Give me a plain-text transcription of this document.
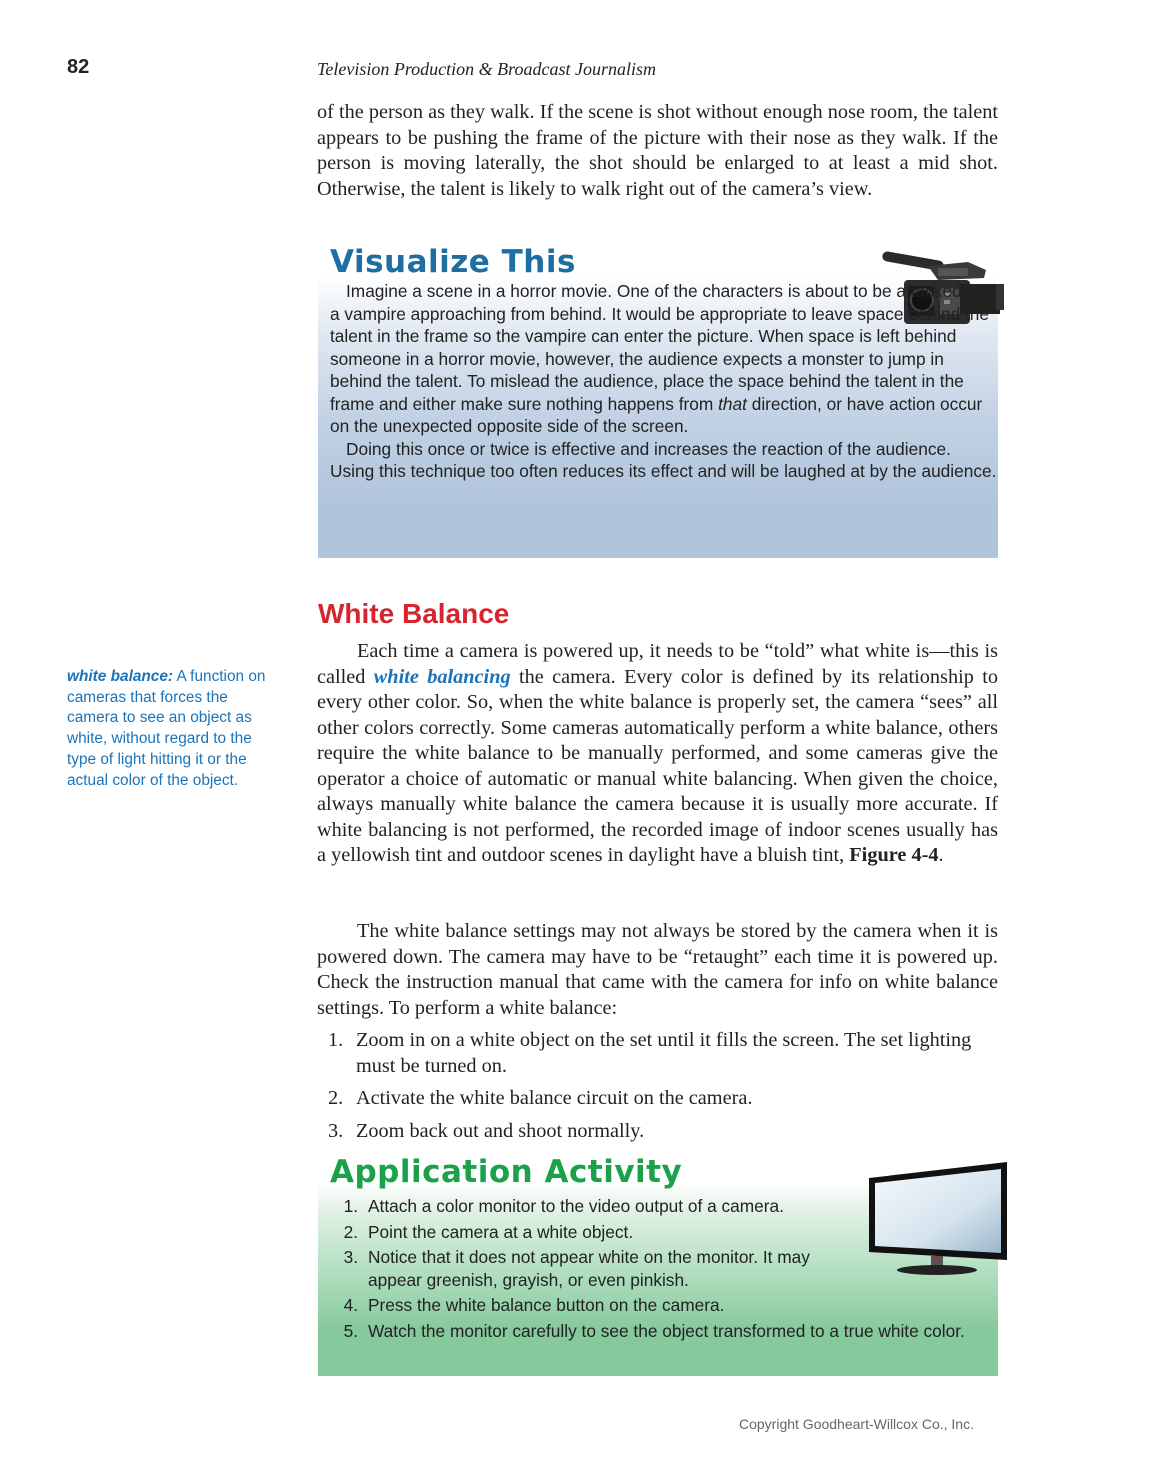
82	Television Production & Broadcast Journalism
of the person as they walk. If the scene is shot without enough nose room, the talent appears to be pushing the frame of the picture with their nose as they walk. If the person is moving laterally, the shot should be enlarged to at least a mid shot. Otherwise, the talent is likely to walk right out of the camera’s view.
Visualize This
Imagine a scene in a horror movie. One of the characters is about to be attacked by a vampire approaching from behind. It would be appropriate to leave space behind the talent in the frame so the vampire can enter the picture. When space is left behind someone in a horror movie, however, the audience expects a monster to jump in behind the talent. To mislead the audience, place the space behind the talent in the frame and either make sure nothing happens from that direction, or have action occur on the unexpected opposite side of the screen.
Doing this once or twice is effective and increases the reaction of the audience. Using this technique too often reduces its effect and will be laughed at by the audience.
White Balance
white balance: A function on cameras that forces the camera to see an object as white, without regard to the type of light hitting it or the actual color of the object.

Each time a camera is powered up, it needs to be “told” what white is—this is called white balancing the camera. Every color is defined by its relationship to every other color. So, when the white balance is properly set, the camera “sees” all other colors correctly. Some cameras automatically perform a white balance, others require the white balance to be manually performed, and some cameras give the operator a choice of automatic or manual white balancing. When given the choice, always manually white balance the camera because it is usually more accurate. If white balancing is not performed, the recorded image of indoor scenes usually has a yellowish tint and outdoor scenes in daylight have a bluish tint, Figure 4-4.

The white balance settings may not always be stored by the camera when it is powered down. The camera may have to be “retaught” each time it is powered up. Check the instruction manual that came with the camera for info on white balance settings. To perform a white balance:

1. Zoom in on a white object on the set until it fills the screen. The set lighting must be turned on.
2. Activate the white balance circuit on the camera.
3. Zoom back out and shoot normally.
Application Activity
1. Attach a color monitor to the video output of a camera.
2. Point the camera at a white object.
3. Notice that it does not appear white on the monitor. It may appear greenish, grayish, or even pinkish.
4. Press the white balance button on the camera.
5. Watch the monitor carefully to see the object transformed to a true white color.
Copyright Goodheart-Willcox Co., Inc.
